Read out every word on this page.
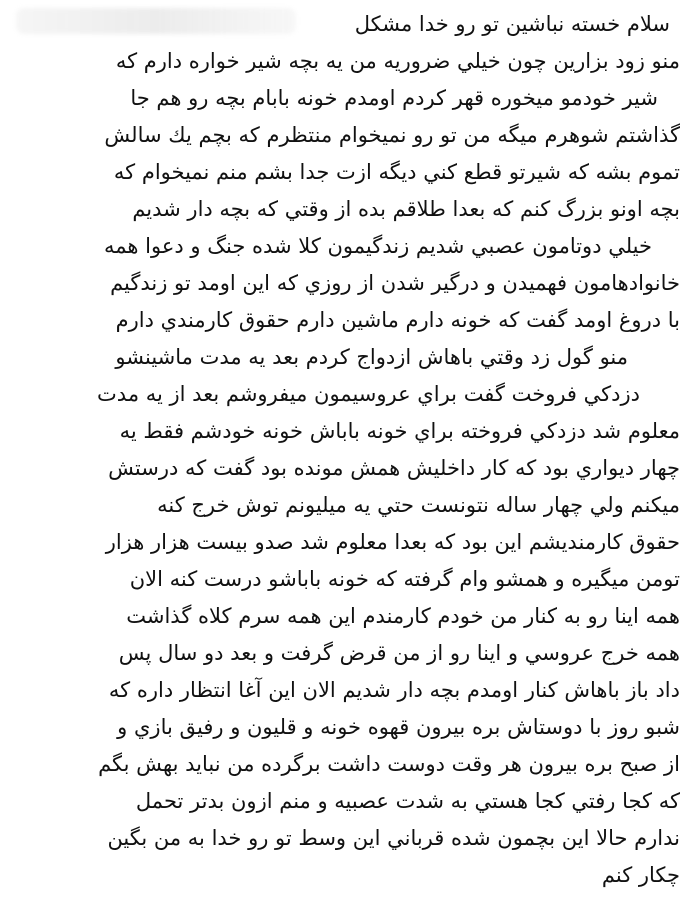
سلام خسته نباشين تو رو خدا مشکل
منو زود بزارين چون خيلي ضروريه من يه بچه شير خواره دارم که
شير خودمو ميخوره قهر کردم اومدم خونه بابام بچه رو هم جا
گذاشتم شوهرم ميگه من تو رو نميخوام منتظرم که بچم يك سالش
تموم بشه که شيرتو قطع کني ديگه ازت جدا بشم منم نميخوام که
بچه اونو بزرگ کنم که بعدا طلاقم بده از وقتي که بچه دار شديم
خيلي دوتامون عصبي شديم زندگيمون کلا شده جنگ و دعوا همه
خانوادهامون فهميدن و درگير شدن از روزي که اين اومد تو زندگيم
با دروغ اومد گفت که خونه دارم ماشين دارم حقوق کارمندي دارم
منو گول زد وقتي باهاش ازدواج کردم بعد يه مدت ماشينشو
دزدکي فروخت گفت براي عروسيمون ميفروشم بعد از يه مدت
معلوم شد دزدکي فروخته براي خونه باباش خونه خودشم فقط يه
چهار ديواري بود که کار داخليش همش مونده بود گفت که درستش
ميکنم ولي چهار ساله نتونست حتي يه ميليونم توش خرج کنه
حقوق کارمنديشم اين بود که بعدا معلوم شد صدو بيست هزار هزار
تومن ميگيره و همشو وام گرفته که خونه باباشو درست کنه الان
همه اينا رو به کنار من خودم کارمندم اين همه سرم کلاه گذاشت
همه خرج عروسي و اينا رو از من قرض گرفت و بعد دو سال پس
داد باز باهاش کنار اومدم بچه دار شديم الان اين آغا انتظار داره که
شبو روز با دوستاش بره بيرون قهوه خونه و قليون و رفيق بازي و
از صبح بره بيرون هر وقت دوست داشت برگرده من نبايد بهش بگم
که کجا رفتي کجا هستي به شدت عصبيه و منم ازون بدتر تحمل
ندارم حالا اين بچمون شده قرباني اين وسط تو رو خدا به من بگين
چکار کنم
